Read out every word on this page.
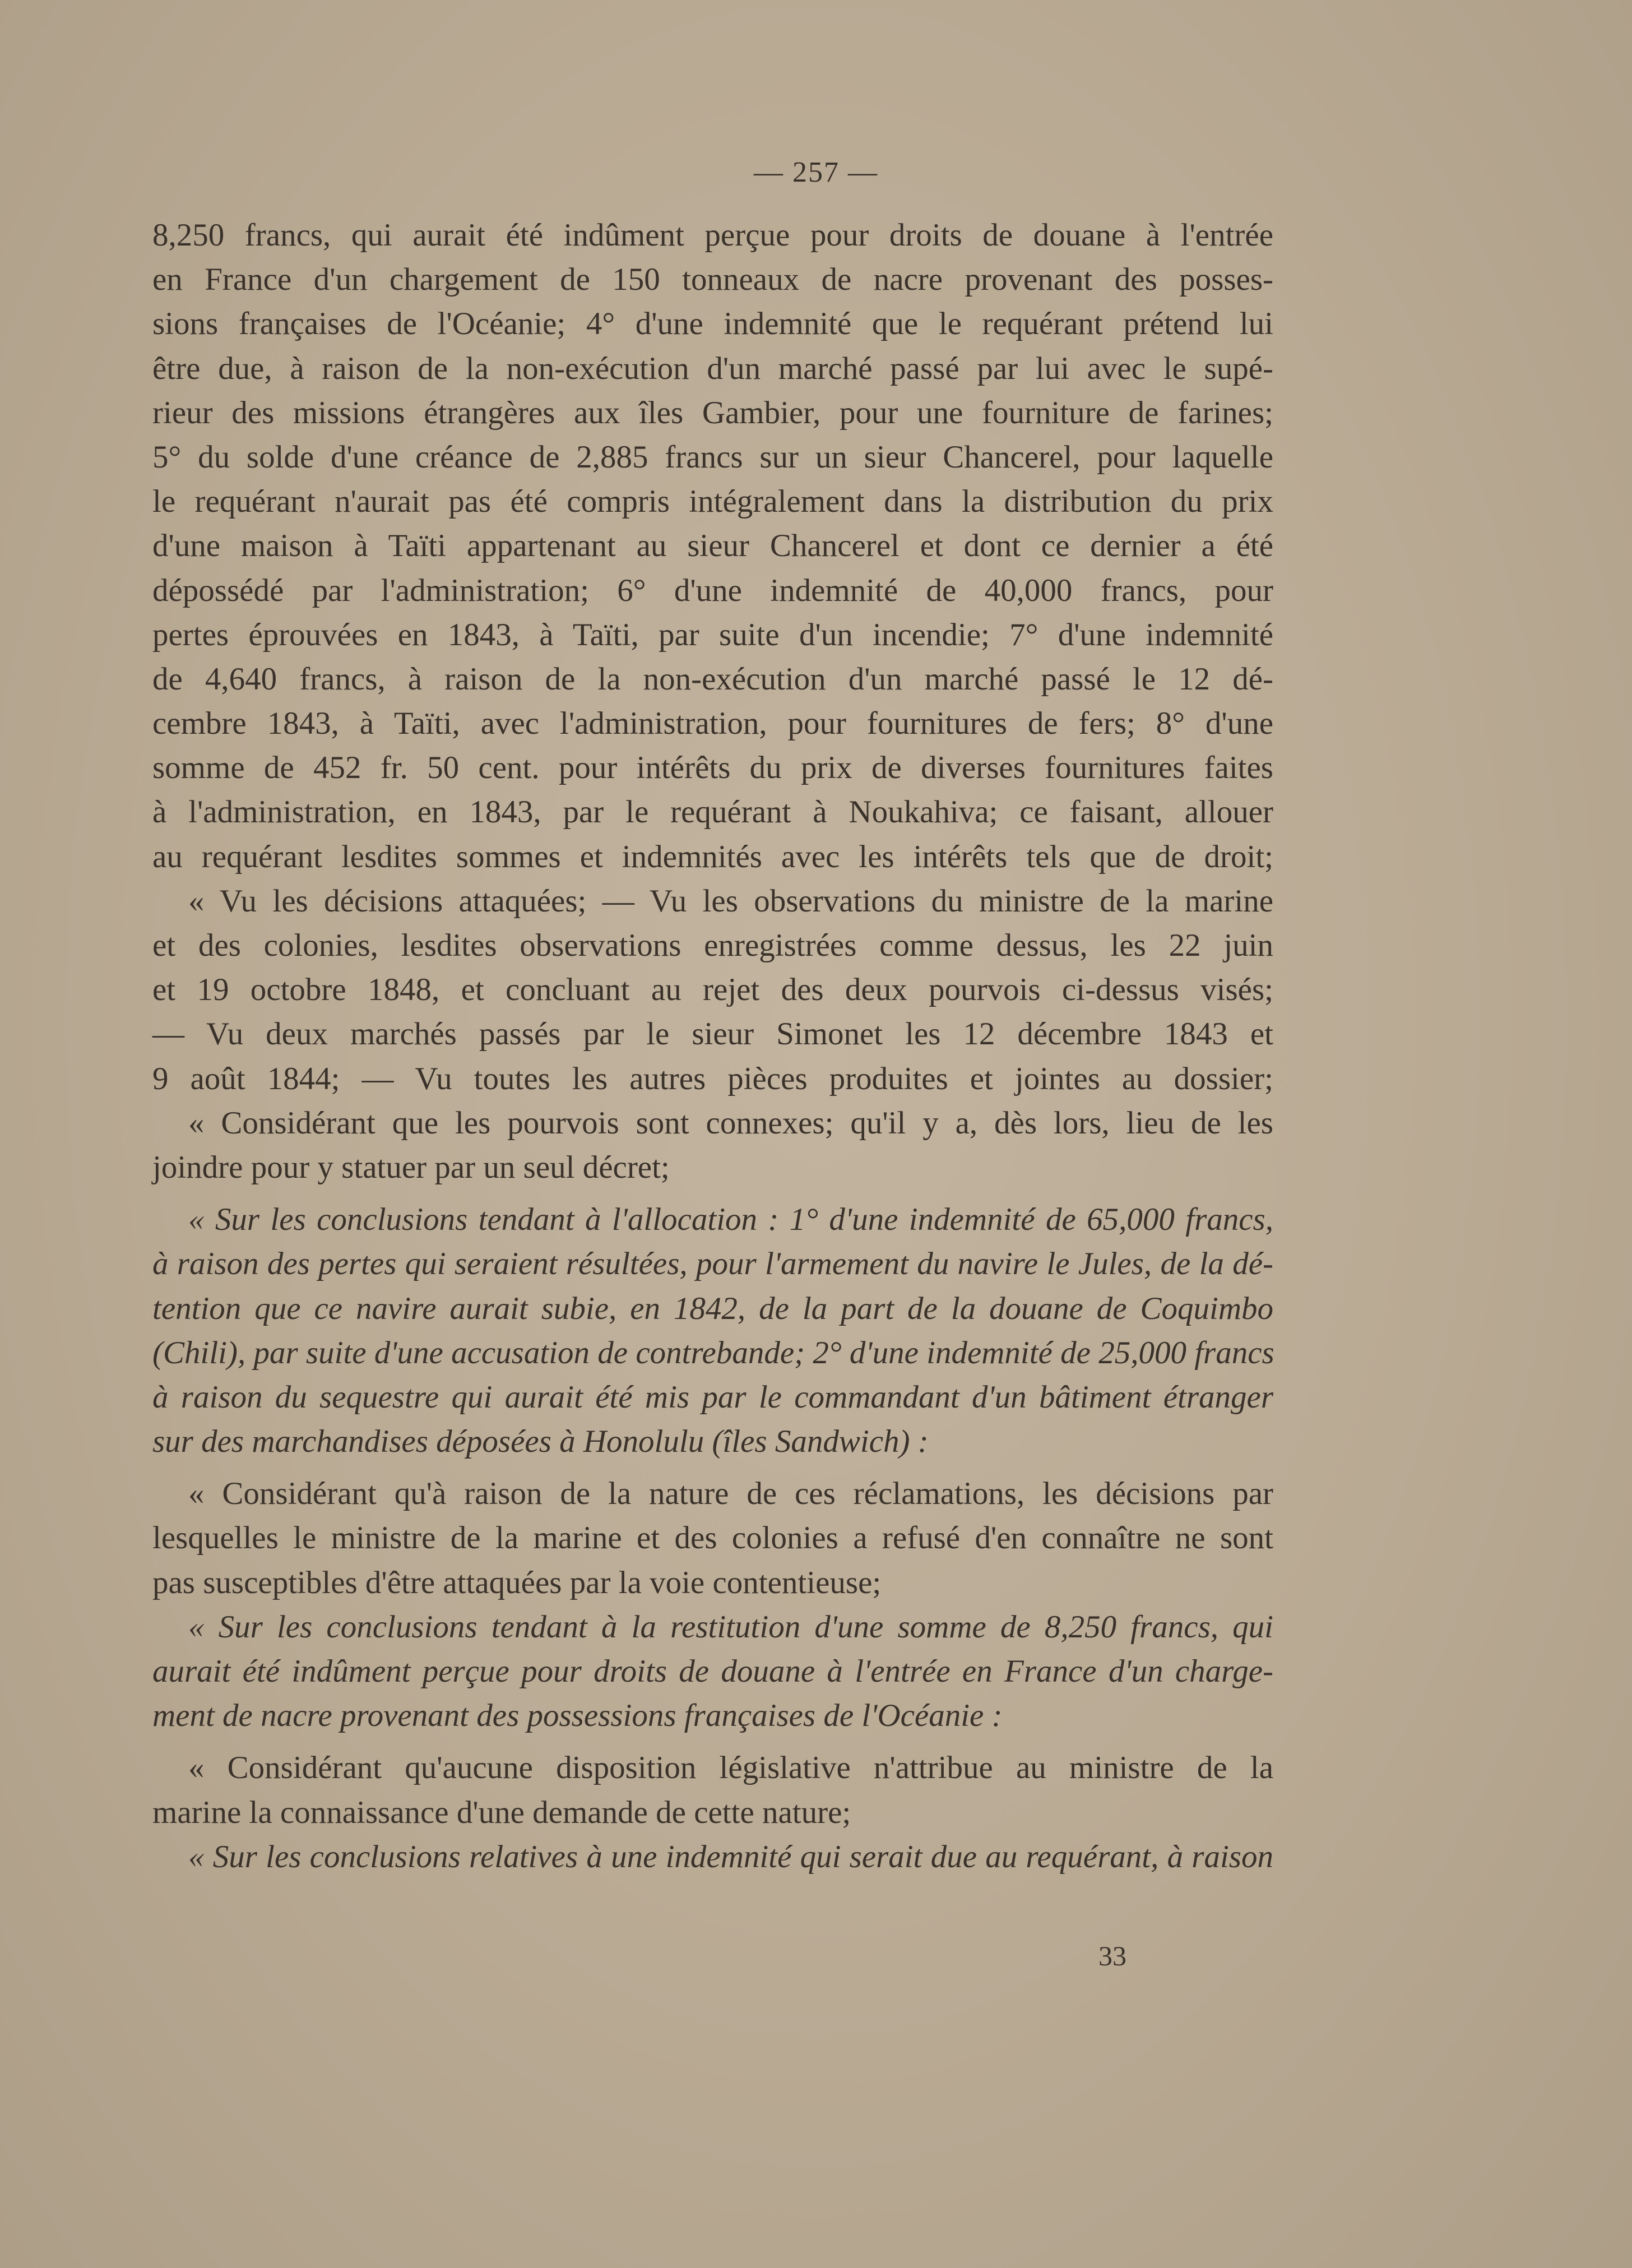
— 257 —
8,250 francs, qui aurait été indûment perçue pour droits de douane à l'entrée
en France d'un chargement de 150 tonneaux de nacre provenant des posses-
sions françaises de l'Océanie; 4° d'une indemnité que le requérant prétend lui
être due, à raison de la non-exécution d'un marché passé par lui avec le supé-
rieur des missions étrangères aux îles Gambier, pour une fourniture de farines;
5° du solde d'une créance de 2,885 francs sur un sieur Chancerel, pour laquelle
le requérant n'aurait pas été compris intégralement dans la distribution du prix
d'une maison à Taïti appartenant au sieur Chancerel et dont ce dernier a été
dépossédé par l'administration; 6° d'une indemnité de 40,000 francs, pour
pertes éprouvées en 1843, à Taïti, par suite d'un incendie; 7° d'une indemnité
de 4,640 francs, à raison de la non-exécution d'un marché passé le 12 dé-
cembre 1843, à Taïti, avec l'administration, pour fournitures de fers; 8° d'une
somme de 452 fr. 50 cent. pour intérêts du prix de diverses fournitures faites
à l'administration, en 1843, par le requérant à Noukahiva; ce faisant, allouer
au requérant lesdites sommes et indemnités avec les intérêts tels que de droit;
« Vu les décisions attaquées; — Vu les observations du ministre de la marine
et des colonies, lesdites observations enregistrées comme dessus, les 22 juin
et 19 octobre 1848, et concluant au rejet des deux pourvois ci-dessus visés;
— Vu deux marchés passés par le sieur Simonet les 12 décembre 1843 et
9 août 1844; — Vu toutes les autres pièces produites et jointes au dossier;
« Considérant que les pourvois sont connexes; qu'il y a, dès lors, lieu de les
joindre pour y statuer par un seul décret;
« Sur les conclusions tendant à l'allocation : 1° d'une indemnité de 65,000 francs,
à raison des pertes qui seraient résultées, pour l'armement du navire le Jules, de la dé-
tention que ce navire aurait subie, en 1842, de la part de la douane de Coquimbo
(Chili), par suite d'une accusation de contrebande; 2° d'une indemnité de 25,000 francs
à raison du sequestre qui aurait été mis par le commandant d'un bâtiment étranger
sur des marchandises déposées à Honolulu (îles Sandwich) :
« Considérant qu'à raison de la nature de ces réclamations, les décisions par
lesquelles le ministre de la marine et des colonies a refusé d'en connaître ne sont
pas susceptibles d'être attaquées par la voie contentieuse;
« Sur les conclusions tendant à la restitution d'une somme de 8,250 francs, qui
aurait été indûment perçue pour droits de douane à l'entrée en France d'un charge-
ment de nacre provenant des possessions françaises de l'Océanie :
« Considérant qu'aucune disposition législative n'attribue au ministre de la
marine la connaissance d'une demande de cette nature;
« Sur les conclusions relatives à une indemnité qui serait due au requérant, à raison
33
